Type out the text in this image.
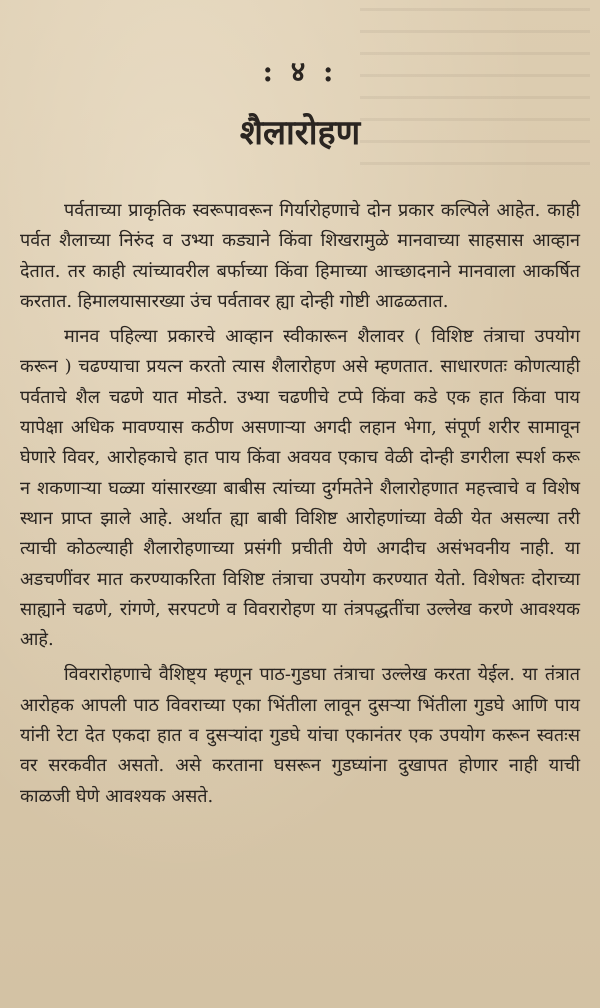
: ४ :
शैलारोहण

पर्वताच्या प्राकृतिक स्वरूपावरून गिर्यारोहणाचे दोन प्रकार कल्पिले आहेत. काही पर्वत शैलाच्या निरुंद व उभ्या कड्याने किंवा शिखरामुळे मानवाच्या साहसास आव्हान देतात. तर काही त्यांच्यावरील बर्फाच्या किंवा हिमाच्या आच्छादनाने मानवाला आकर्षित करतात. हिमालयासारख्या उंच पर्वतावर ह्या दोन्ही गोष्टी आढळतात.

मानव पहिल्या प्रकारचे आव्हान स्वीकारून शैलावर ( विशिष्ट तंत्राचा उपयोग करून ) चढण्याचा प्रयत्न करतो त्यास शैलारोहण असे म्हणतात. साधारणतः कोणत्याही पर्वताचे शैल चढणे यात मोडते. उभ्या चढणीचे टप्पे किंवा कडे एक हात किंवा पाय यापेक्षा अधिक मावण्यास कठीण असणाऱ्या अगदी लहान भेगा, संपूर्ण शरीर सामावून घेणारे विवर, आरोहकाचे हात पाय किंवा अवयव एकाच वेळी दोन्ही डगरीला स्पर्श करू न शकणाऱ्या घळ्या यांसारख्या बाबीस त्यांच्या दुर्गमतेने शैलारोहणात महत्त्वाचे व विशेष स्थान प्राप्त झाले आहे. अर्थात ह्या बाबी विशिष्ट आरोहणांच्या वेळी येत असल्या तरी त्याची कोठल्याही शैलारोहणाच्या प्रसंगी प्रचीती येणे अगदीच असंभवनीय नाही. या अडचणींवर मात करण्याकरिता विशिष्ट तंत्राचा उपयोग करण्यात येतो. विशेषतः दोराच्या साह्याने चढणे, रांगणे, सरपटणे व विवरारोहण या तंत्रपद्धतींचा उल्लेख करणे आवश्यक आहे.

विवरारोहणाचे वैशिष्ट्य म्हणून पाठ-गुडघा तंत्राचा उल्लेख करता येईल. या तंत्रात आरोहक आपली पाठ विवराच्या एका भिंतीला लावून दुसऱ्या भिंतीला गुडघे आणि पाय यांनी रेटा देत एकदा हात व दुसऱ्यांदा गुडघे यांचा एकानंतर एक उपयोग करून स्वतःस वर सरकवीत असतो. असे करताना घसरून गुडघ्यांना दुखापत होणार नाही याची काळजी घेणे आवश्यक असते.
